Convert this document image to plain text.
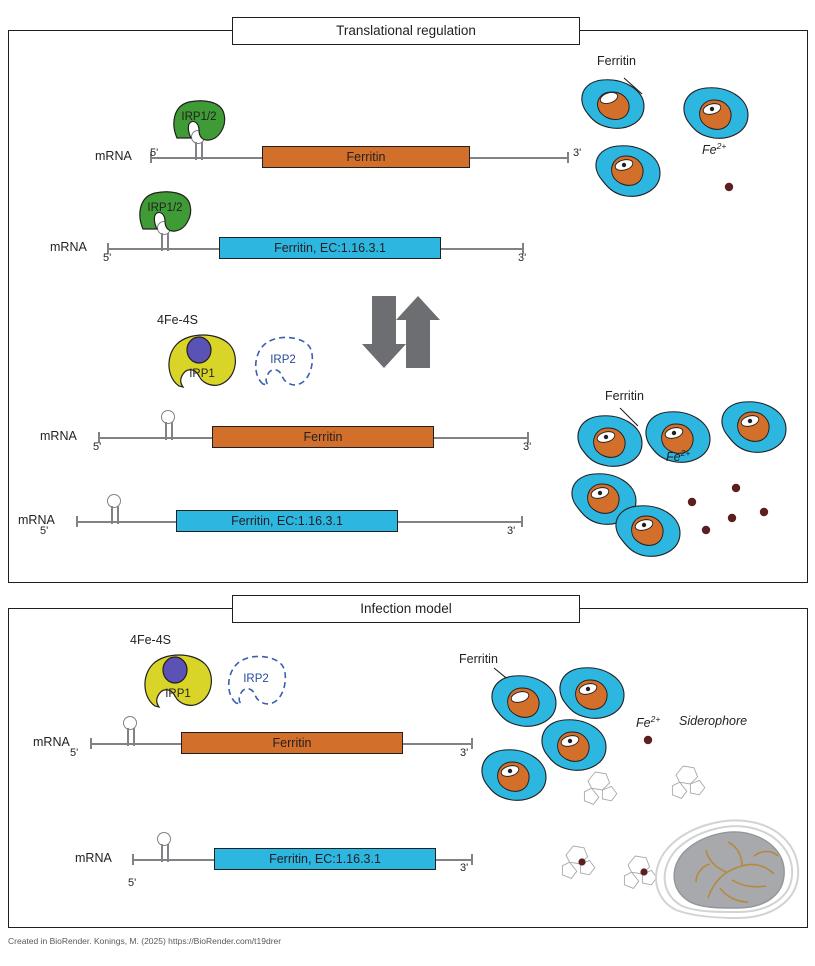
Translational regulation
mRNA 5'	3'
Ferritin
IRP1/2
mRNA
5'	3'
Ferritin, EC:1.16.3.1
IRP1/2
IRP1
4Fe-4S
IRP2
mRNA
5'	3'
Ferritin
mRNA
5'	3'
Ferritin, EC:1.16.3.1
Ferritin
$Fe^{2+}$
Ferritin
$Fe^{2+}$
Infection model
IRP1
4Fe-4S
IRP2
mRNA
5'	3'
Ferritin
mRNA
5'
3'
Ferritin, EC:1.16.3.1
Ferritin
$Fe^{2+}$ Siderophore
Created in BioRender. Konings, M. (2025) https://BioRender.com/t19drer
